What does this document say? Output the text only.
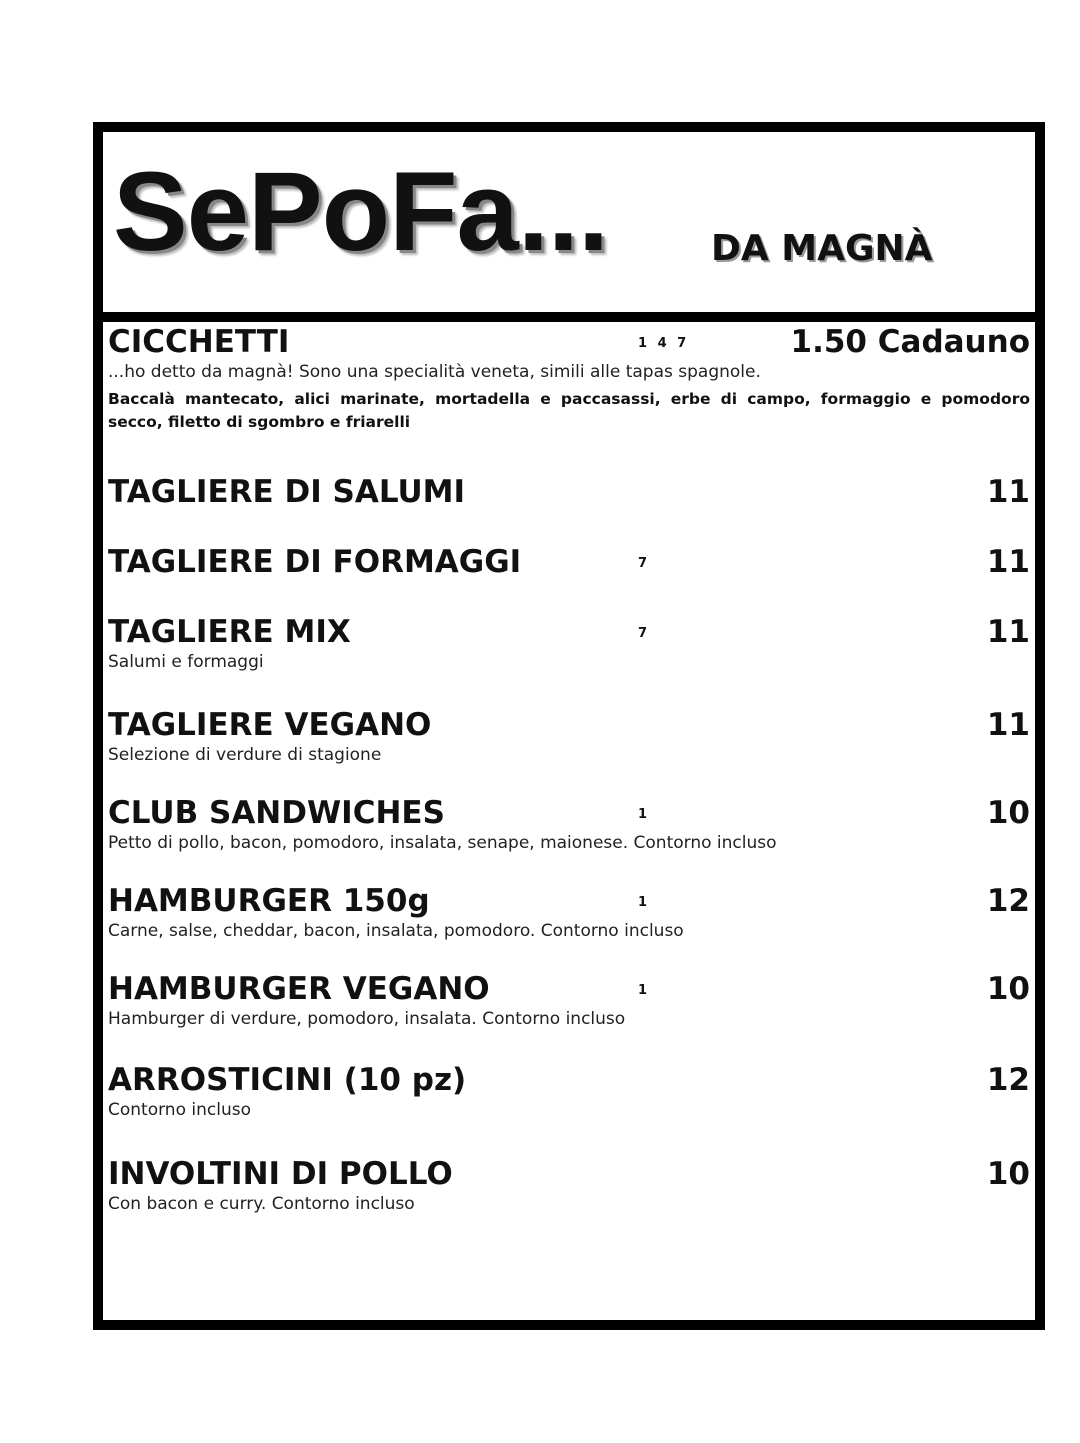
SePoFa...	DA MAGNÀ
CICCHETTI	1 4 7	1.50 Cadauno
...ho detto da magnà! Sono una specialità veneta, simili alle tapas spagnole.
Baccalà mantecato, alici marinate, mortadella e paccasassi, erbe di campo, formaggio e pomodoro secco, filetto di sgombro e friarelli
TAGLIERE DI SALUMI	11
TAGLIERE DI FORMAGGI	7	11
TAGLIERE MIX	7	11
Salumi e formaggi
TAGLIERE VEGANO	11
Selezione di verdure di stagione
CLUB SANDWICHES	1	10
Petto di pollo, bacon, pomodoro, insalata, senape, maionese. Contorno incluso
HAMBURGER 150g	1	12
Carne, salse, cheddar, bacon, insalata, pomodoro. Contorno incluso
HAMBURGER VEGANO	1	10
Hamburger di verdure, pomodoro, insalata. Contorno incluso
ARROSTICINI (10 pz)	12
Contorno incluso
INVOLTINI DI POLLO	10
Con bacon e curry. Contorno incluso
